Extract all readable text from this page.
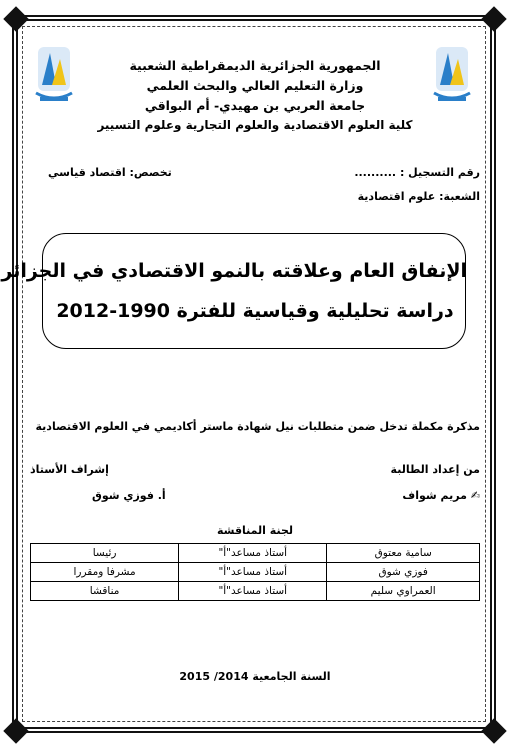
الجمهورية الجزائرية الديمقراطية الشعبية
وزارة التعليم العالي والبحث العلمي
جامعة العربي بن مهيدي- أم البواقي
كلية العلوم الاقتصادية والعلوم التجارية وعلوم التسيير
رقم التسجيل : ..........
تخصص: اقتصاد قياسي
الشعبة: علوم اقتصادية
الإنفاق العام وعلاقته بالنمو الاقتصادي في الجزائر
دراسة تحليلية وقياسية للفترة 1990-2012
مذكرة مكملة تدخل ضمن متطلبات نيل شهادة ماستر أكاديمي في العلوم الاقتصادية
من إعداد الطالبة
إشراف الأستاذ
✍ مريم شواف
أ. فوزي شوق
لجنة المناقشة
سامية معتوق	أستاذ مساعد"أ"	رئيسا
فوزي شوق	أستاذ مساعد"أ"	مشرفا ومقررا
العمراوي سليم	أستاذ مساعد"أ"	مناقشا
السنة الجامعية 2014/ 2015
